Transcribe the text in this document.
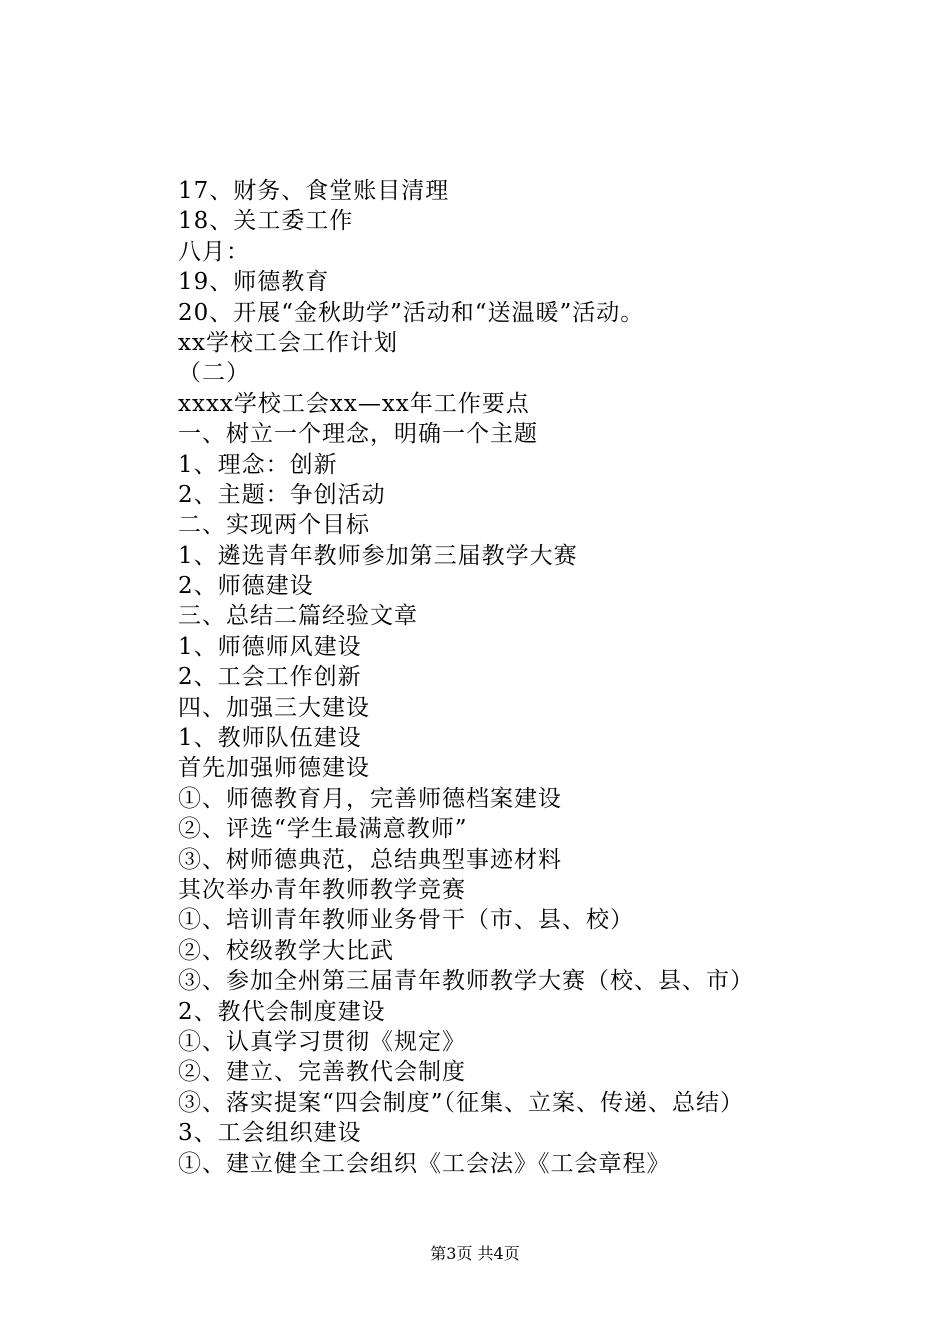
17、财务、食堂账目清理
18、关工委工作
八月：
19、师德教育
20、开展“金秋助学”活动和“送温暖”活动。
xx学校工会工作计划
（二）
xxxx学校工会xx—xx年工作要点
一、树立一个理念，明确一个主题
1、理念：创新
2、主题：争创活动
二、实现两个目标
1、遴选青年教师参加第三届教学大赛
2、师德建设
三、总结二篇经验文章
1、师德师风建设
2、工会工作创新
四、加强三大建设
1、教师队伍建设
首先加强师德建设
①、师德教育月，完善师德档案建设
②、评选“学生最满意教师”
③、树师德典范，总结典型事迹材料
其次举办青年教师教学竞赛
①、培训青年教师业务骨干（市、县、校）
②、校级教学大比武
③、参加全州第三届青年教师教学大赛（校、县、市）
2、教代会制度建设
①、认真学习贯彻《规定》
②、建立、完善教代会制度
③、落实提案“四会制度”（征集、立案、传递、总结）
3、工会组织建设
①、建立健全工会组织《工会法》《工会章程》
第3页 共4页
